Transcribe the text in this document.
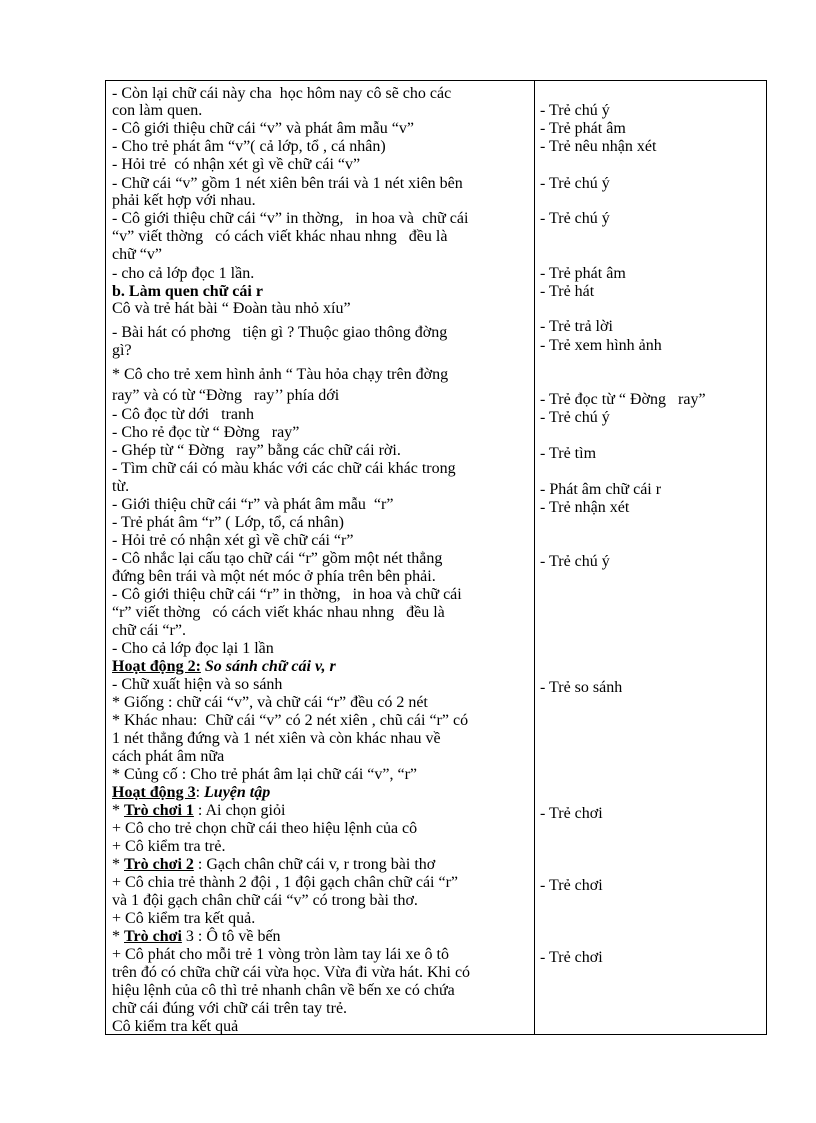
- Còn lại chữ cái này cha  học hôm nay cô sẽ cho các
con làm quen.
- Cô giới thiệu chữ cái “v” và phát âm mẫu “v”
- Cho trẻ phát âm “v”( cả lớp, tổ , cá nhân)
- Hỏi trẻ  có nhận xét gì về chữ cái “v”
- Chữ cái “v” gồm 1 nét xiên bên trái và 1 nét xiên bên
phải kết hợp với nhau.
- Cô giới thiệu chữ cái “v” in thờng,   in hoa và  chữ cái
“v” viết thờng   có cách viết khác nhau nhng   đều là
chữ “v”
- cho cả lớp đọc 1 lần.
b. Làm quen chữ cái r
Cô và trẻ hát bài “ Đoàn tàu nhỏ xíu”
- Bài hát có phơng   tiện gì ? Thuộc giao thông đờng
gì?
* Cô cho trẻ xem hình ảnh “ Tàu hỏa chạy trên đờng
ray” và có từ “Đờng   ray’’ phía dới
- Cô đọc từ dới   tranh
- Cho rẻ đọc từ “ Đờng   ray”
- Ghép từ “ Đờng   ray” bằng các chữ cái rời.
- Tìm chữ cái có màu khác với các chữ cái khác trong
từ.
- Giới thiệu chữ cái “r” và phát âm mẫu  “r”
- Trẻ phát âm “r” ( Lớp, tổ, cá nhân)
- Hỏi trẻ có nhận xét gì về chữ cái “r”
- Cô nhắc lại cấu tạo chữ cái “r” gồm một nét thẳng
đứng bên trái và một nét móc ở phía trên bên phải.
- Cô giới thiệu chữ cái “r” in thờng,   in hoa và chữ cái
“r” viết thờng   có cách viết khác nhau nhng   đều là
chữ cái “r”.
- Cho cả lớp đọc lại 1 lần
Hoạt động 2: So sánh chữ cái v, r
- Chữ xuất hiện và so sánh
* Giống : chữ cái “v”, và chữ cái “r” đều có 2 nét
* Khác nhau:  Chữ cái “v” có 2 nét xiên , chũ cái “r” có
1 nét thẳng đứng và 1 nét xiên và còn khác nhau về
cách phát âm nữa
* Củng cố : Cho trẻ phát âm lại chữ cái “v”, “r”
Hoạt động 3: Luyện tập
* Trò chơi 1 : Ai chọn giỏi
+ Cô cho trẻ chọn chữ cái theo hiệu lệnh của cô
+ Cô kiểm tra trẻ.
* Trò chơi 2 : Gạch chân chữ cái v, r trong bài thơ
+ Cô chia trẻ thành 2 đội , 1 đội gạch chân chữ cái “r”
và 1 đội gạch chân chữ cái “v” có trong bài thơ.
+ Cô kiểm tra kết quả.
* Trò chơi 3 : Ô tô về bến
+ Cô phát cho mỗi trẻ 1 vòng tròn làm tay lái xe ô tô
trên đó có chữa chữ cái vừa học. Vừa đi vừa hát. Khi có
hiệu lệnh của cô thì trẻ nhanh chân về bến xe có chứa
chữ cái đúng với chữ cái trên tay trẻ.
Cô kiểm tra kết quả
- Trẻ chú ý
- Trẻ phát âm
- Trẻ nêu nhận xét
- Trẻ chú ý
- Trẻ chú ý
- Trẻ phát âm
- Trẻ hát
- Trẻ trả lời
- Trẻ xem hình ảnh
- Trẻ đọc từ “ Đờng   ray”
- Trẻ chú ý
- Trẻ tìm
- Phát âm chữ cái r
- Trẻ nhận xét
- Trẻ chú ý
- Trẻ so sánh
- Trẻ chơi
- Trẻ chơi
- Trẻ chơi
